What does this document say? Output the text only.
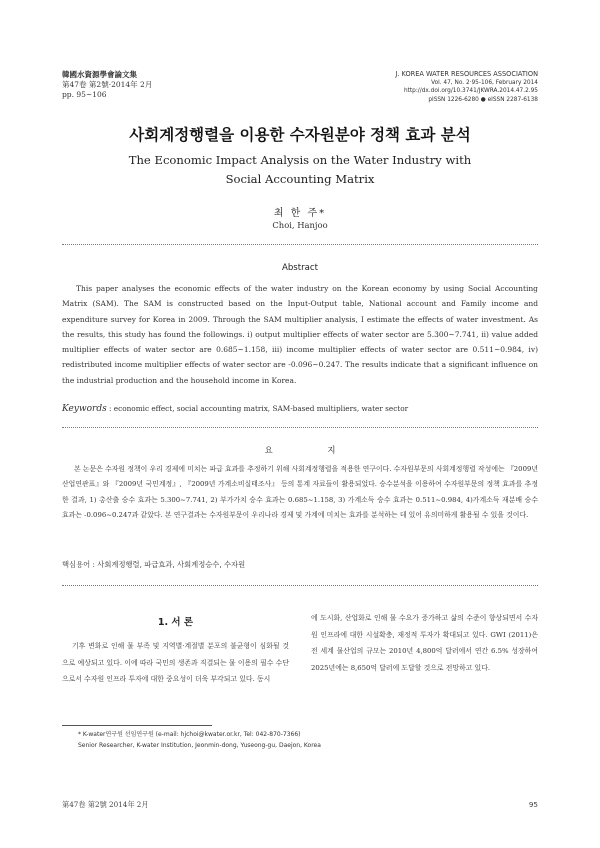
韓國水資源學會論文集
第47卷 第2號·2014年 2月
pp. 95~106
J. KOREA WATER RESOURCES ASSOCIATION
Vol. 47, No. 2·95-106, February 2014
http://dx.doi.org/10.3741/JKWRA.2014.47.2.95
pISSN 1226-6280 ● eISSN 2287-6138
사회계정행렬을 이용한 수자원분야 정책 효과 분석
The Economic Impact Analysis on the Water Industry with
Social Accounting Matrix
최 한 주*
Choi, Hanjoo
Abstract
This paper analyses the economic effects of the water industry on the Korean economy by using Social Accounting Matrix (SAM). The SAM is constructed based on the Input-Output table, National account and Family income and expenditure survey for Korea in 2009. Through the SAM multiplier analysis, I estimate the effects of water investment. As the results, this study has found the followings. i) output multiplier effects of water sector are 5.300~7.741, ii) value added multiplier effects of water sector are 0.685~1.158, iii) income multiplier effects of water sector are 0.511~0.984, iv) redistributed income multiplier effects of water sector are -0.096~0.247. The results indicate that a significant influence on the industrial production and the household income in Korea.
Keywords : economic effect, social accounting matrix, SAM-based multipliers, water sector
요 지
본 논문은 수자원 정책이 우리 경제에 미치는 파급 효과를 추정하기 위해 사회계정행렬을 적용한 연구이다. 수자원부문의 사회계정행렬 작성에는 『2009년 산업연관표』와 『2009년 국민계정』, 『2009년 가계소비실태조사』 등의 통계 자료들이 활용되었다. 승수분석을 이용하여 수자원부문의 정책 효과를 추정한 결과, 1) 총산출 승수 효과는 5.300~7.741, 2) 부가가치 승수 효과는 0.685~1.158, 3) 가계소득 승수 효과는 0.511~0.984, 4)가계소득 재분배 승수 효과는 -0.096~0.247과 같았다. 본 연구결과는 수자원부문이 우리나라 경제 및 가계에 미치는 효과를 분석하는 데 있어 유의미하게 활용될 수 있을 것이다.
핵심용어 : 사회계정행렬, 파급효과, 사회계정승수, 수자원
1. 서 론
기후 변화로 인해 물 부족 및 지역별·계절별 분포의 불균형이 심화될 것으로 예상되고 있다. 이에 따라 국민의 생존과 직결되는 물 이용의 필수 수단으로서 수자원 인프라 투자에 대한 중요성이 더욱 부각되고 있다. 동시
에 도시화, 산업화로 인해 물 수요가 증가하고 삶의 수준이 향상되면서 수자원 인프라에 대한 시설확충, 재정적 투자가 확대되고 있다. GWI (2011)은 전 세계 물산업의 규모는 2010년 4,800억 달러에서 연간 6.5% 성장하여 2025년에는 8,650억 달러에 도달할 것으로 전망하고 있다.
* K-water연구원 선임연구원 (e-mail: hjchoi@kwater.or.kr, Tel: 042-870-7366)
Senior Researcher, K-water Institution, Jeonmin-dong, Yuseong-gu, Daejon, Korea
第47卷 第2號 2014年 2月	95
